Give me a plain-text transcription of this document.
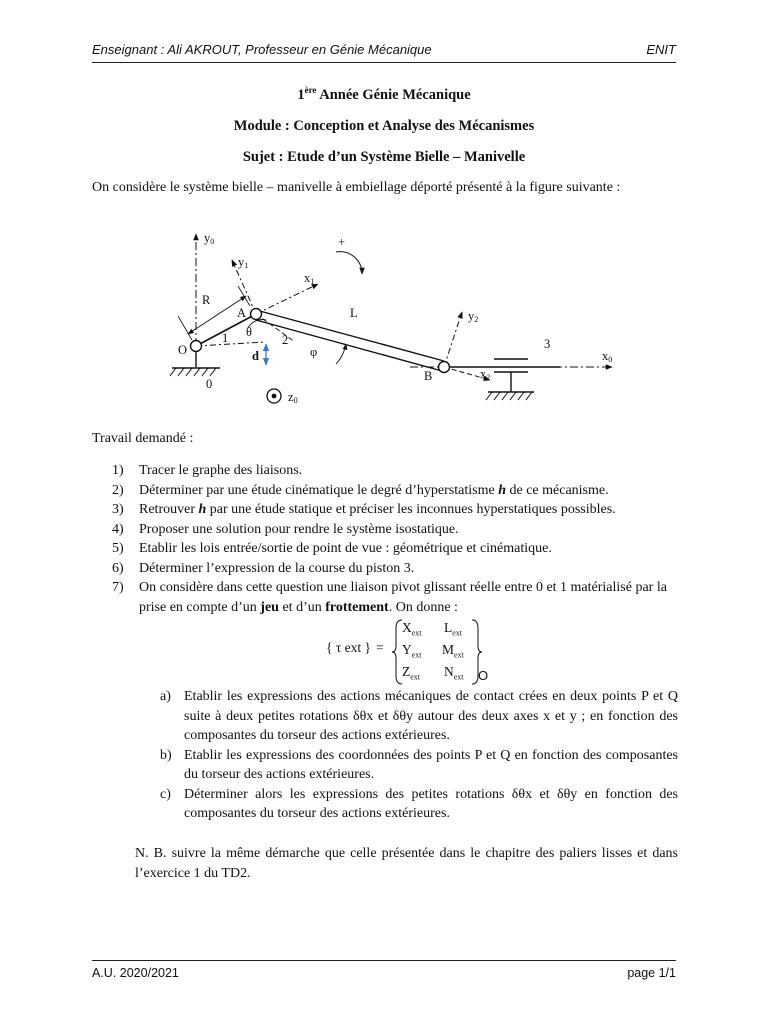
Enseignant : Ali AKROUT, Professeur en Génie Mécanique	ENIT
1ère Année Génie Mécanique
Module : Conception et Analyse des Mécanismes
Sujet : Etude d’un Système Bielle – Manivelle
On considère le système bielle – manivelle à embiellage déporté présenté à la figure suivante :
y0
1
R
y1
x1
L
2
θ
φ	x0
y2
x2
3
0
O
A
B
d
+
z0
Travail demandé :
1) Tracer le graphe des liaisons.
2) Déterminer par une étude cinématique le degré d’hyperstatisme h de ce mécanisme.
3) Retrouver h par une étude statique et préciser les inconnues hyperstatiques possibles.
4) Proposer une solution pour rendre le système isostatique.
5) Etablir les lois entrée/sortie de point de vue : géométrique et cinématique.
6) Déterminer l’expression de la course du piston 3.
7) On considère dans cette question une liaison pivot glissant réelle entre 0 et 1 matérialisé par la prise en compte d’un jeu et d’un frottement. On donne :
{ τ ext } =
$X_{ext}$ $L_{ext}$
$Y_{ext}$ $M_{ext}$
$Z_{ext}$ $N_{ext}$ O
a) Etablir les expressions des actions mécaniques de contact crées en deux points P et Q suite à deux petites rotations δθx et δθy autour des deux axes x et y ; en fonction des composantes du torseur des actions extérieures.
b) Etablir les expressions des coordonnées des points P et Q en fonction des composantes du torseur des actions extérieures.
c) Déterminer alors les expressions des petites rotations δθx et δθy en fonction des composantes du torseur des actions extérieures.
N. B. suivre la même démarche que celle présentée dans le chapitre des paliers lisses et dans l’exercice 1 du TD2.
A.U. 2020/2021	page 1/1
